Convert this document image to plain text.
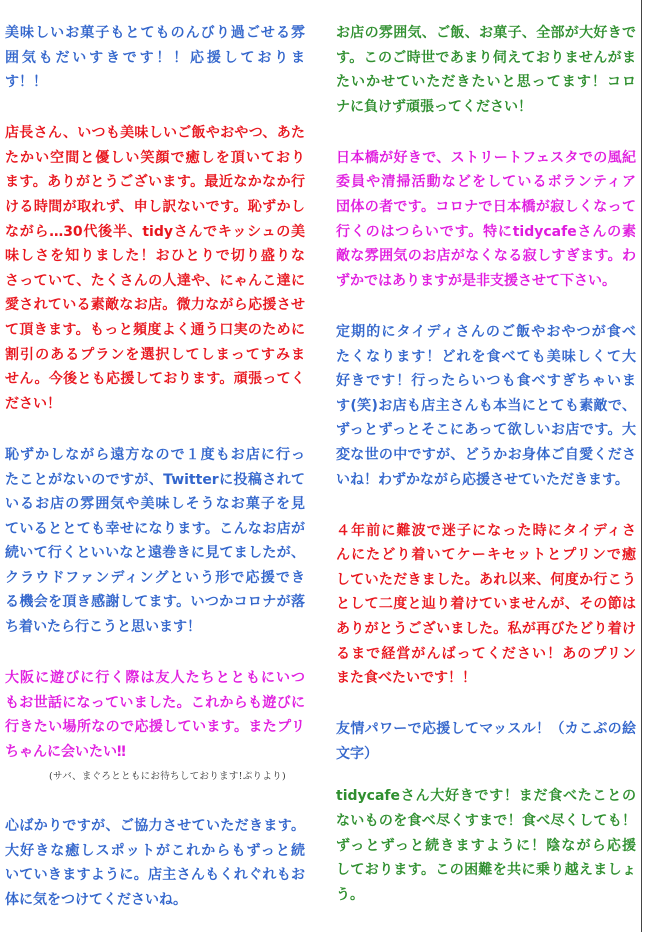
美味しいお菓子もとてものんびり過ごせる雰
囲気もだいすきです！！応援しておりま
す！！
店長さん、いつも美味しいご飯やおやつ、あた
たかい空間と優しい笑顔で癒しを頂いており
ます。ありがとうございます。最近なかなか行
ける時間が取れず、申し訳ないです。恥ずかし
ながら…30代後半、tidyさんでキッシュの美
味しさを知りました！おひとりで切り盛りな
さっていて、たくさんの人達や、にゃんこ達に
愛されている素敵なお店。微力ながら応援させ
て頂きます。もっと頻度よく通う口実のために
割引のあるプランを選択してしまってすみま
せん。今後とも応援しております。頑張ってく
ださい！
恥ずかしながら遠方なので１度もお店に行っ
たことがないのですが、Twitterに投稿されて
いるお店の雰囲気や美味しそうなお菓子を見
ているととても幸せになります。こんなお店が
続いて行くといいなと遠巻きに見てましたが、
クラウドファンディングという形で応援でき
る機会を頂き感謝してます。いつかコロナが落
ち着いたら行こうと思います！
大阪に遊びに行く際は友人たちとともにいつ
もお世話になっていました。これからも遊びに
行きたい場所なので応援しています。またプリ
ちゃんに会いたい‼
(サバ、まぐろとともにお待ちしております!ぷりより)
心ばかりですが、ご協力させていただきます。
大好きな癒しスポットがこれからもずっと続
いていきますように。店主さんもくれぐれもお
体に気をつけてくださいね。
お店の雰囲気、ご飯、お菓子、全部が大好きで
す。このご時世であまり伺えておりませんがま
たいかせていただきたいと思ってます！コロ
ナに負けず頑張ってください！
日本橋が好きで、ストリートフェスタでの風紀
委員や清掃活動などをしているボランティア
団体の者です。コロナで日本橋が寂しくなって
行くのはつらいです。特にtidycafeさんの素
敵な雰囲気のお店がなくなる寂しすぎます。わ
ずかではありますが是非支援させて下さい。
定期的にタイディさんのご飯やおやつが食べ
たくなります！どれを食べても美味しくて大
好きです！行ったらいつも食べすぎちゃいま
す(笑)お店も店主さんも本当にとても素敵で、
ずっとずっとそこにあって欲しいお店です。大
変な世の中ですが、どうかお身体ご自愛くださ
いね！わずかながら応援させていただきます。
４年前に難波で迷子になった時にタイディさ
んにたどり着いてケーキセットとプリンで癒
していただきました。あれ以来、何度か行こう
として二度と辿り着けていませんが、その節は
ありがとうございました。私が再びたどり着け
るまで経営がんばってください！あのプリン
また食べたいです！！
友情パワーで応援してマッスル！（カこぶの絵
文字）
tidycafeさん大好きです！まだ食べたことの
ないものを食べ尽くすまで！食べ尽くしても！
ずっとずっと続きますように！陰ながら応援
しております。この困難を共に乗り越えましょ
う。
